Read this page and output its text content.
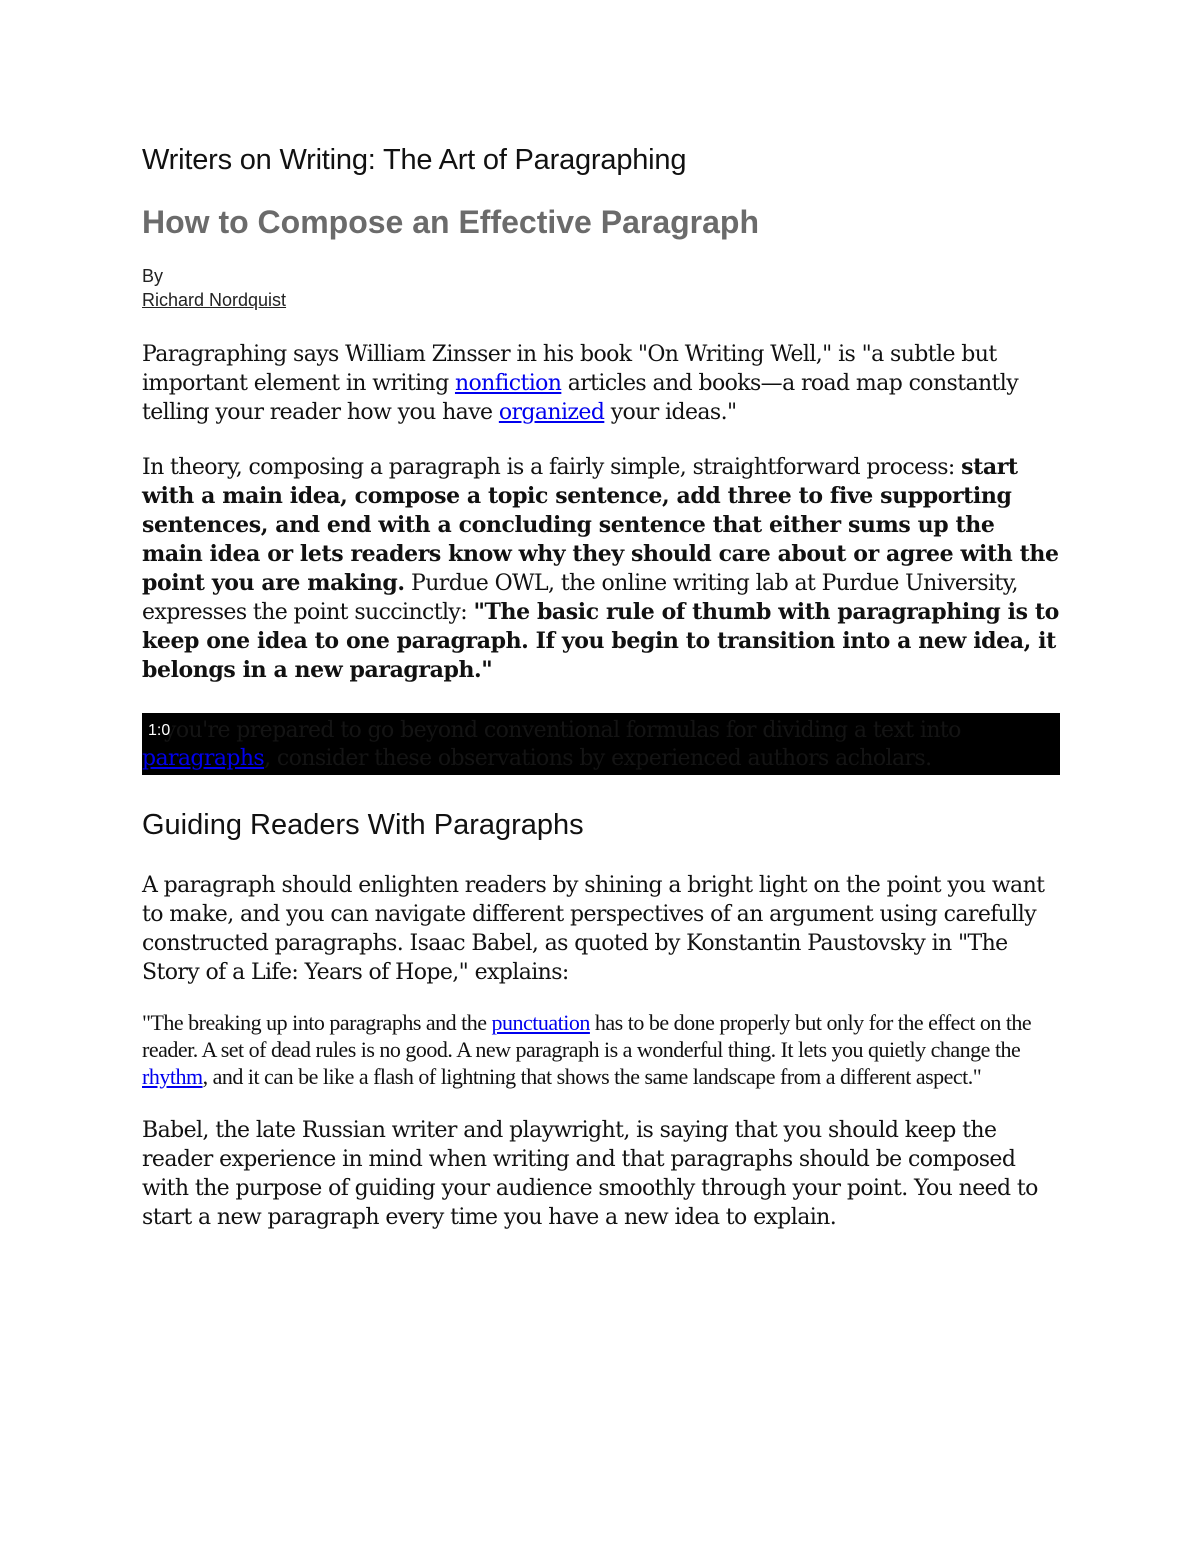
Writers on Writing: The Art of Paragraphing
How to Compose an Effective Paragraph
By
Richard Nordquist

Paragraphing says William Zinsser in his book "On Writing Well," is "a subtle but important element in writing nonfiction articles and books—a road map constantly telling your reader how you have organized your ideas."

In theory, composing a paragraph is a fairly simple, straightforward process: start with a main idea, compose a topic sentence, add three to five supporting sentences, and end with a concluding sentence that either sums up the main idea or lets readers know why they should care about or agree with the point you are making. Purdue OWL, the online writing lab at Purdue University, expresses the point succinctly: "The basic rule of thumb with paragraphing is to keep one idea to one paragraph. If you begin to transition into a new idea, it belongs in a new paragraph."

1:0

you're prepared to go beyond conventional formulas for dividing a text into paragraphs, consider these observations by experienced authors acholars.

Guiding Readers With Paragraphs

A paragraph should enlighten readers by shining a bright light on the point you want to make, and you can navigate different perspectives of an argument using carefully constructed paragraphs. Isaac Babel, as quoted by Konstantin Paustovsky in "The Story of a Life: Years of Hope," explains:

"The breaking up into paragraphs and the punctuation has to be done properly but only for the effect on the reader. A set of dead rules is no good. A new paragraph is a wonderful thing. It lets you quietly change the rhythm, and it can be like a flash of lightning that shows the same landscape from a different aspect."

Babel, the late Russian writer and playwright, is saying that you should keep the reader experience in mind when writing and that paragraphs should be composed with the purpose of guiding your audience smoothly through your point. You need to start a new paragraph every time you have a new idea to explain.
